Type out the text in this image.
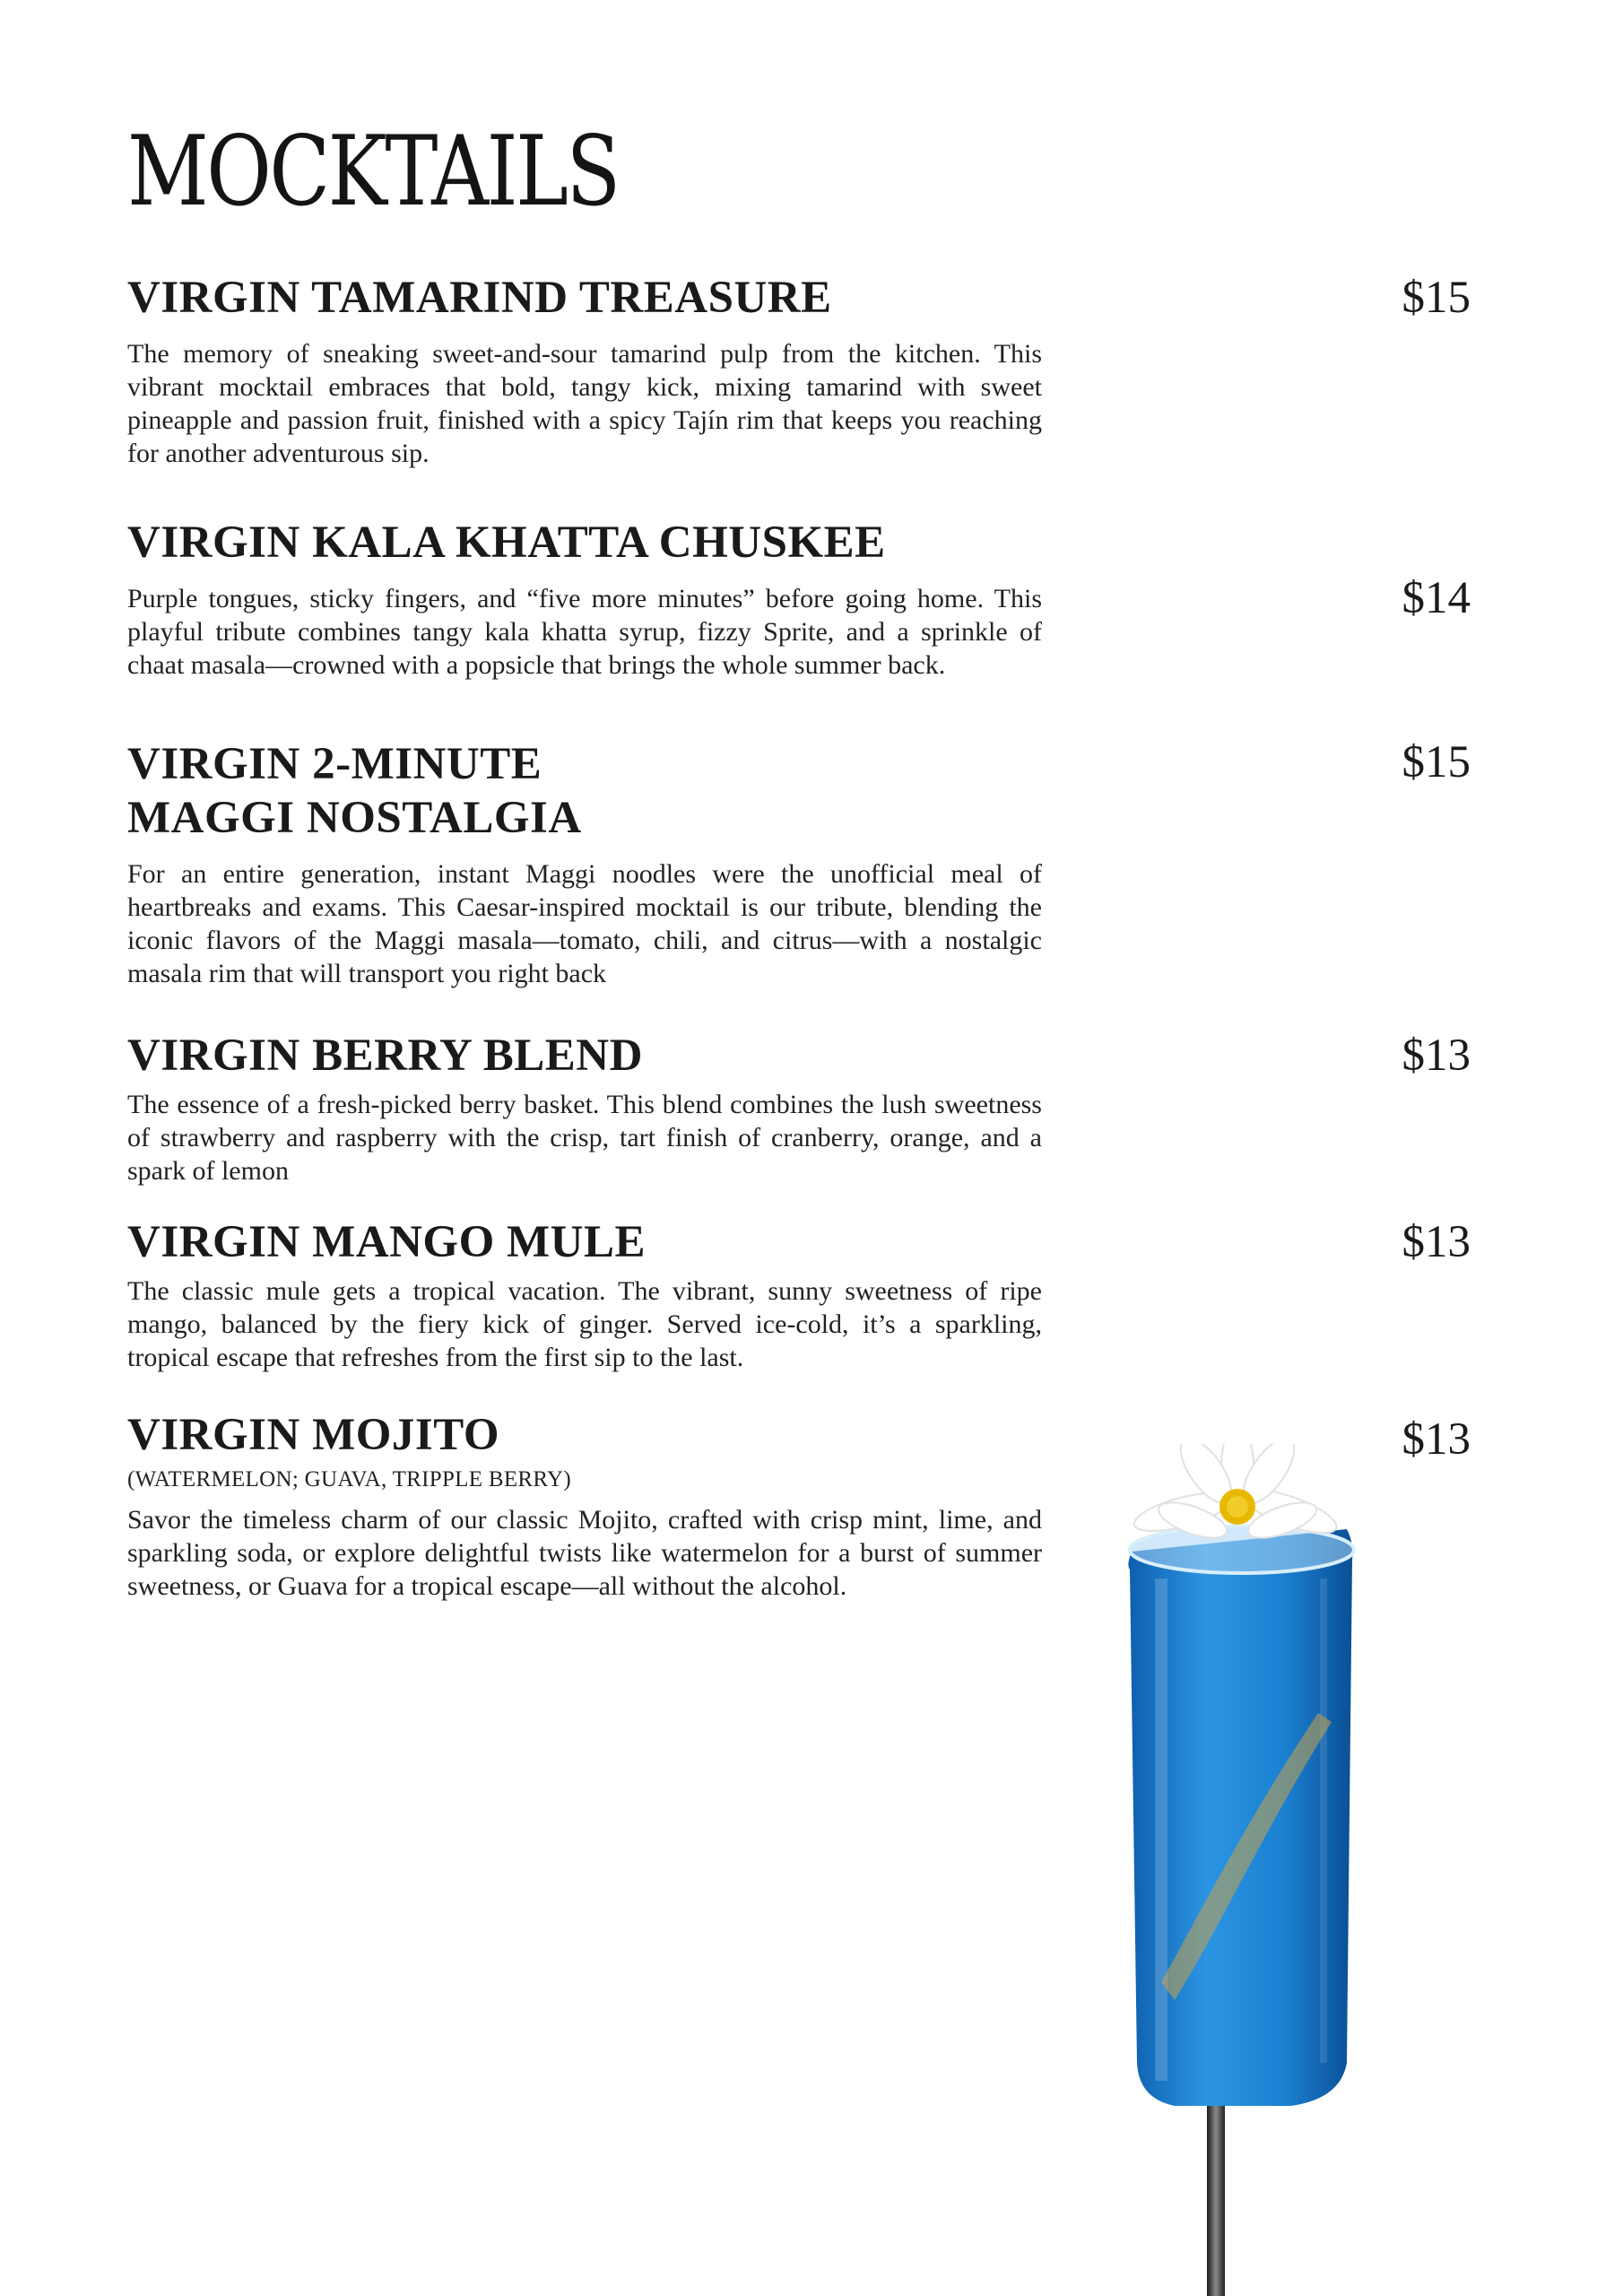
MOCKTAILS
VIRGIN TAMARIND TREASURE

The memory of sneaking sweet-and-sour tamarind pulp from the kitchen. This vibrant mocktail embraces that bold, tangy kick, mixing tamarind with sweet pineapple and passion fruit, finished with a spicy Tajín rim that keeps you reaching for another adventurous sip.

$15
VIRGIN KALA KHATTA CHUSKEE

Purple tongues, sticky fingers, and “five more minutes” before going home. This playful tribute combines tangy kala khatta syrup, fizzy Sprite, and a sprinkle of chaat masala—crowned with a popsicle that brings the whole summer back.

$14
VIRGIN 2-MINUTE
MAGGI NOSTALGIA

For an entire generation, instant Maggi noodles were the unofficial meal of heartbreaks and exams. This Caesar-inspired mocktail is our tribute, blending the iconic flavors of the Maggi masala—tomato, chili, and citrus—with a nostalgic masala rim that will transport you right back

$15
VIRGIN BERRY BLEND

The essence of a fresh-picked berry basket. This blend combines the lush sweetness of strawberry and raspberry with the crisp, tart finish of cranberry, orange, and a spark of lemon

$13
VIRGIN MANGO MULE

The classic mule gets a tropical vacation. The vibrant, sunny sweetness of ripe mango, balanced by the fiery kick of ginger. Served ice-cold, it’s a sparkling, tropical escape that refreshes from the first sip to the last.

$13
VIRGIN MOJITO

(WATERMELON; GUAVA, TRIPPLE BERRY)

Savor the timeless charm of our classic Mojito, crafted with crisp mint, lime, and sparkling soda, or explore delightful twists like watermelon for a burst of summer sweetness, or Guava for a tropical escape—all without the alcohol.

$13
